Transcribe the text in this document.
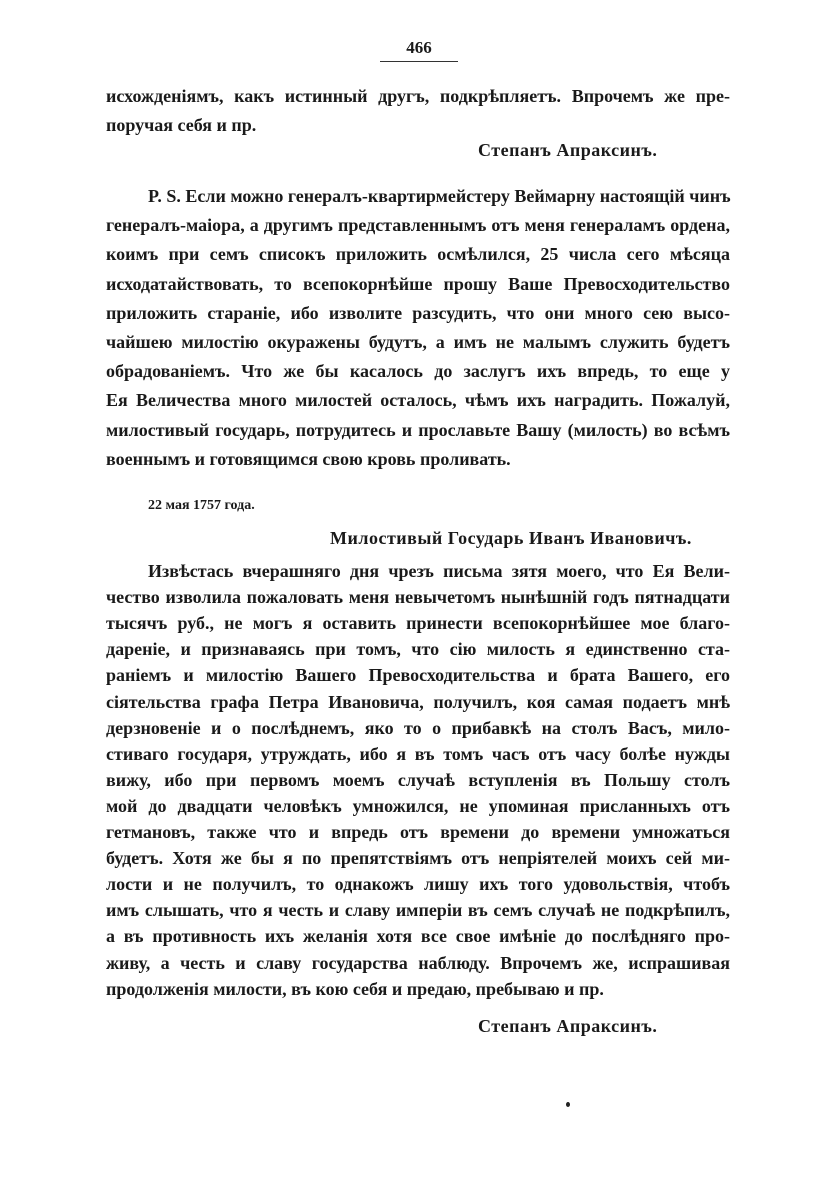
466
исхожденіямъ, какъ истинный другъ, подкрѣпляетъ. Впрочемъ же пре-
поручая себя и пр.
P. S. Если можно генералъ-квартирмейстеру Веймарну настоящій чинъ
генералъ-маіора, а другимъ представленнымъ отъ меня генераламъ ордена,
коимъ при семъ списокъ приложить осмѣлился, 25 числа сего мѣсяца
исходатайствовать, то всепокорнѣйше прошу Ваше Превосходительство
приложить стараніе, ибо изволите разсудить, что они много сею высо-
чайшею милостію окуражены будутъ, а имъ не малымъ служить будетъ
обрадованіемъ. Что же бы касалось до заслугъ ихъ впредь, то еще у
Ея Величества много милостей осталось, чѣмъ ихъ наградить. Пожалуй,
милостивый государь, потрудитесь и прославьте Вашу (милость) во всѣмъ
военнымъ и готовящимся свою кровь проливать.
Извѣстась вчерашняго дня чрезъ письма зятя моего, что Ея Вели-
чество изволила пожаловать меня невычетомъ нынѣшній годъ пятнадцати
тысячъ руб., не могъ я оставить принести всепокорнѣйшее мое благо-
дареніе, и признаваясь при томъ, что сію милость я единственно ста-
раніемъ и милостію Вашего Превосходительства и брата Вашего, его
сіятельства графа Петра Ивановича, получилъ, коя самая подаетъ мнѣ
дерзновеніе и о послѣднемъ, яко то о прибавкѣ на столъ Васъ, мило-
стиваго государя, утруждать, ибо я въ томъ часъ отъ часу болѣе нужды
вижу, ибо при первомъ моемъ случаѣ вступленія въ Польшу столъ
мой до двадцати человѣкъ умножился, не упоминая присланныхъ отъ
гетмановъ, также что и впредь отъ времени до времени умножаться
будетъ. Хотя же бы я по препятствіямъ отъ непріятелей моихъ сей ми-
лости и не получилъ, то однакожъ лишу ихъ того удовольствія, чтобъ
имъ слышать, что я честь и славу имперіи въ семъ случаѣ не подкрѣпилъ,
а въ противность ихъ желанія хотя все свое имѣніе до послѣдняго про-
живу, а честь и славу государства наблюду. Впрочемъ же, испрашивая
продолженія милости, въ кою себя и предаю, пребываю и пр.
Степанъ Апраксинъ.
22 мая 1757 года.
Милостивый Государь Иванъ Ивановичъ.
Степанъ Апраксинъ.
